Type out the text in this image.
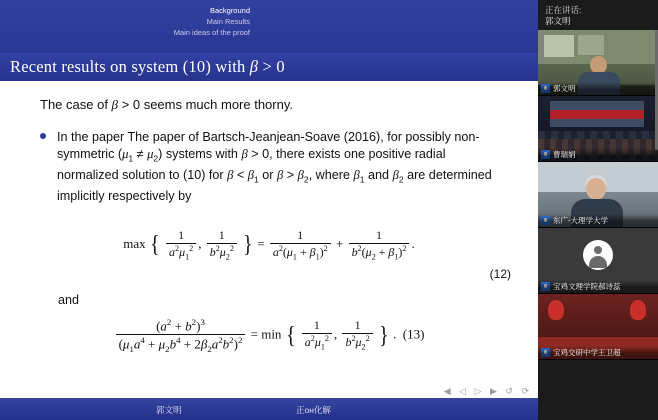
Background
Main Results
Main ideas of the proof
Recent results on system (10) with β > 0
The case of β > 0 seems much more thorny.
In the paper The paper of Bartsch-Jeanjean-Soave (2016), for possibly non-symmetric $(\mu_1 \ne \mu_2)$ systems with β > 0, there exists one positive radial normalized solution to (10) for $\beta < \beta_1$ or $\beta > \beta_2$, where $\beta_1$ and $\beta_2$ are determined implicitly respectively by
max { $\frac{1}{a^2\mu_1^2}$ , $\frac{1}{b^2\mu_2^2}$ } = $\frac{1}{a^2(\mu_1 + \beta_1)^2} + \frac{1}{b^2(\mu_2 + \beta_1)^2}$ .
(12)
and
$\frac{(a^2 + b^2)^3}{(\mu_1a^4 + \mu_2b^4 + 2\beta_2a^2b^2)^2} = \min$ { $\frac{1}{a^2\mu_1^2}$ , $\frac{1}{b^2\mu_2^2}$ } .  (13)
◀ ◁ ▷ ▶ ↺ ⟳
郭文明	正он化解
正在讲话:
郭文明
郭文明
曹瑞娟
东广-大理学大学
宝鸡文理学院郝诗蕊
宝鸡交研中学王卫超
